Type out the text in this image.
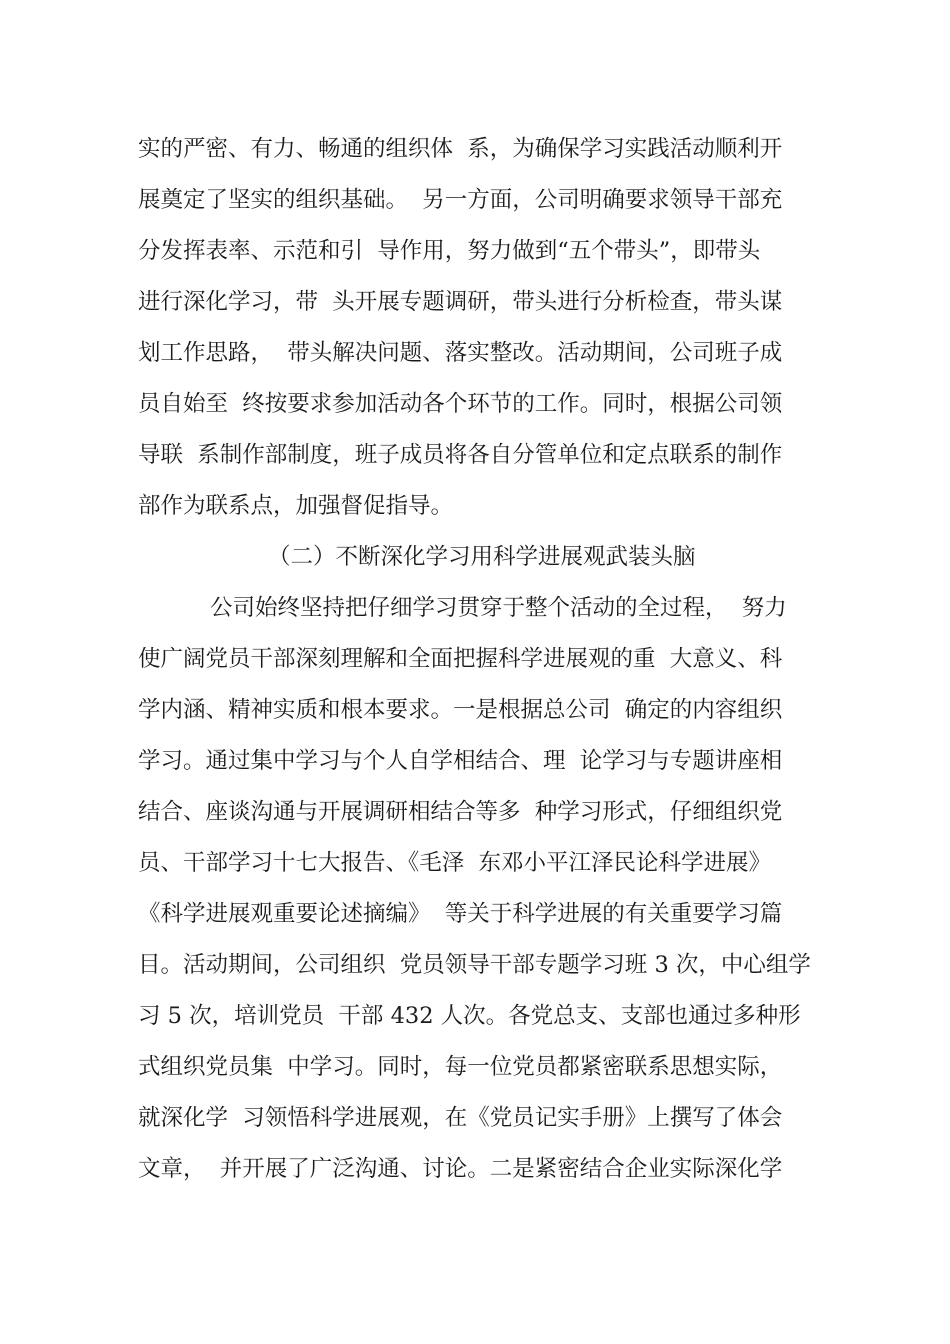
实的严密、有力、畅通的组织体  系，为确保学习实践活动顺利开
展奠定了坚实的组织基础。  另一方面，公司明确要求领导干部充
分发挥表率、示范和引  导作用，努力做到“五个带头”，即带头
进行深化学习，带  头开展专题调研，带头进行分析检查，带头谋
划工作思路，  带头解决问题、落实整改。活动期间，公司班子成
员自始至  终按要求参加活动各个环节的工作。同时，根据公司领
导联  系制作部制度，班子成员将各自分管单位和定点联系的制作
部作为联系点，加强督促指导。
（二）不断深化学习用科学进展观武装头脑
公司始终坚持把仔细学习贯穿于整个活动的全过程，  努力
使广阔党员干部深刻理解和全面把握科学进展观的重  大意义、科
学内涵、精神实质和根本要求。一是根据总公司  确定的内容组织
学习。通过集中学习与个人自学相结合、理  论学习与专题讲座相
结合、座谈沟通与开展调研相结合等多  种学习形式，仔细组织党
员、干部学习十七大报告、《毛泽  东邓小平江泽民论科学进展》
《科学进展观重要论述摘编》  等关于科学进展的有关重要学习篇
目。活动期间，公司组织  党员领导干部专题学习班 3 次，中心组学
习 5 次，培训党员  干部 432 人次。各党总支、支部也通过多种形
式组织党员集  中学习。同时，每一位党员都紧密联系思想实际，
就深化学  习领悟科学进展观，在《党员记实手册》上撰写了体会
文章，  并开展了广泛沟通、讨论。二是紧密结合企业实际深化学
